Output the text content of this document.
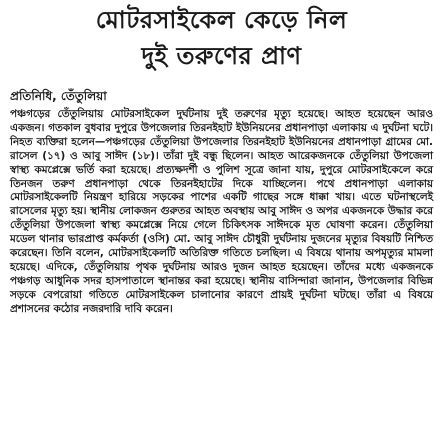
মোটরসাইকেল কেড়ে নিল
দুই তরুণের প্রাণ
প্রতিনিধি, তেঁতুলিয়া

পঞ্চগড়ের তেঁতুলিয়ায় মোটরসাইকেল দুর্ঘটনায় দুই তরুণের মৃত্যু হয়েছে। আহত হয়েছেন আরও একজন। গতকাল বুধবার দুপুরে উপজেলার তিরনইহাট ইউনিয়নের প্রধানপাড়া এলাকায় এ দুর্ঘটনা ঘটে। নিহত ব্যক্তিরা হলেন—পঞ্চগড়ের তেঁতুলিয়া উপজেলার তিরনইহাট ইউনিয়নের প্রধানপাড়া গ্রামের মো. রাসেল (১৭) ও আবু সাঈদ (১৮)। তাঁরা দুই বন্ধু ছিলেন। আহত আরেকজনকে তেঁতুলিয়া উপজেলা স্বাস্থ্য কমপ্লেক্সে ভর্তি করা হয়েছে। প্রত্যক্ষদর্শী ও পুলিশ সূত্রে জানা যায়, দুপুরে মোটরসাইকেলে করে তিনজন তরুণ প্রধানপাড়া থেকে তিরনইহাটের দিকে যাচ্ছিলেন। পথে প্রধানপাড়া এলাকায় মোটরসাইকেলটি নিয়ন্ত্রণ হারিয়ে সড়কের পাশের একটি গাছের সঙ্গে ধাক্কা খায়। এতে ঘটনাস্থলেই রাসেলের মৃত্যু হয়। স্থানীয় লোকজন গুরুতর আহত অবস্থায় আবু সাঈদ ও অপর একজনকে উদ্ধার করে তেঁতুলিয়া উপজেলা স্বাস্থ্য কমপ্লেক্সে নিয়ে গেলে চিকিৎসক সাঈদকে মৃত ঘোষণা করেন। তেঁতুলিয়া মডেল থানার ভারপ্রাপ্ত কর্মকর্তা (ওসি) মো. আবু সাঈদ চৌধুরী দুর্ঘটনায় দুজনের মৃত্যুর বিষয়টি নিশ্চিত করেছেন। তিনি বলেন, মোটরসাইকেলটি অতিরিক্ত গতিতে চলছিল। এ বিষয়ে থানায় অপমৃত্যুর মামলা হয়েছে। এদিকে, তেঁতুলিয়ায় পৃথক দুর্ঘটনায় আরও দুজন আহত হয়েছেন। তাঁদের মধ্যে একজনকে পঞ্চগড় আধুনিক সদর হাসপাতালে স্থানান্তর করা হয়েছে। স্থানীয় বাসিন্দারা জানান, উপজেলার বিভিন্ন সড়কে বেপরোয়া গতিতে মোটরসাইকেল চালানোর কারণে প্রায়ই দুর্ঘটনা ঘটছে। তাঁরা এ বিষয়ে প্রশাসনের কঠোর নজরদারি দাবি করেন।
